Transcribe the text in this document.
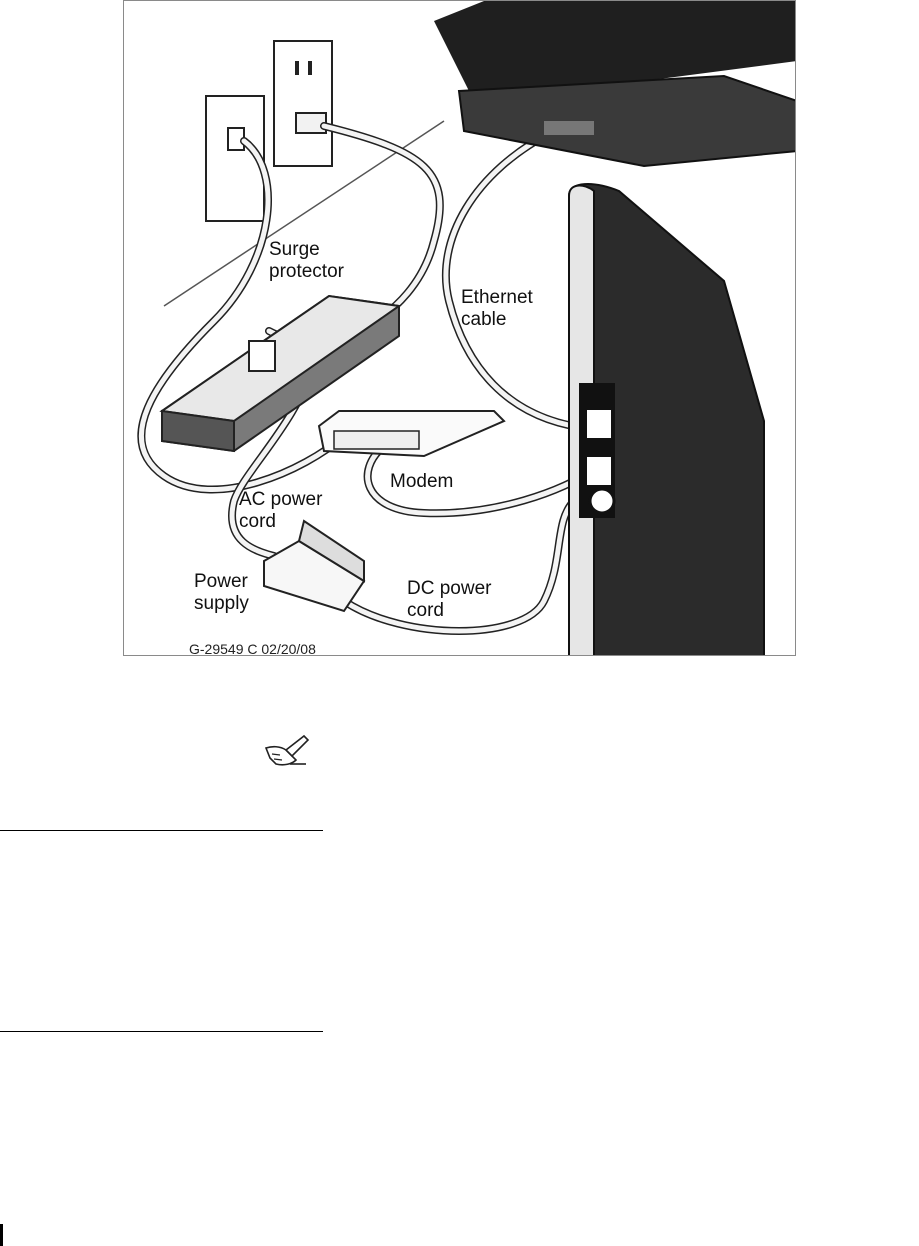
Surge
protector
Ethernet
cable
Modem
AC power
cord
Power
supply
DC power
cord
G-29549 C 02/20/08
